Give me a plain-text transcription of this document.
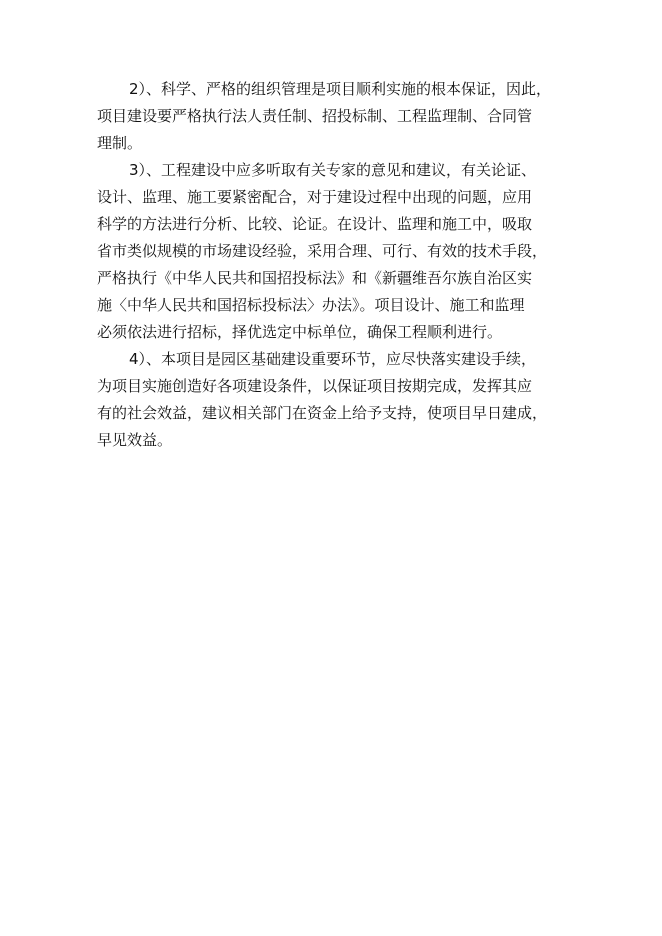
2）、科学、严格的组织管理是项目顺利实施的根本保证，因此，
项目建设要严格执行法人责任制、招投标制、工程监理制、合同管
理制。
3）、工程建设中应多听取有关专家的意见和建议，有关论证、
设计、监理、施工要紧密配合，对于建设过程中出现的问题，应用
科学的方法进行分析、比较、论证。在设计、监理和施工中，吸取
省市类似规模的市场建设经验，采用合理、可行、有效的技术手段，
严格执行《中华人民共和国招投标法》和《新疆维吾尔族自治区实
施〈中华人民共和国招标投标法〉办法》。项目设计、施工和监理
必须依法进行招标，择优选定中标单位，确保工程顺利进行。
4）、本项目是园区基础建设重要环节，应尽快落实建设手续，
为项目实施创造好各项建设条件，以保证项目按期完成，发挥其应
有的社会效益，建议相关部门在资金上给予支持，使项目早日建成，
早见效益。
